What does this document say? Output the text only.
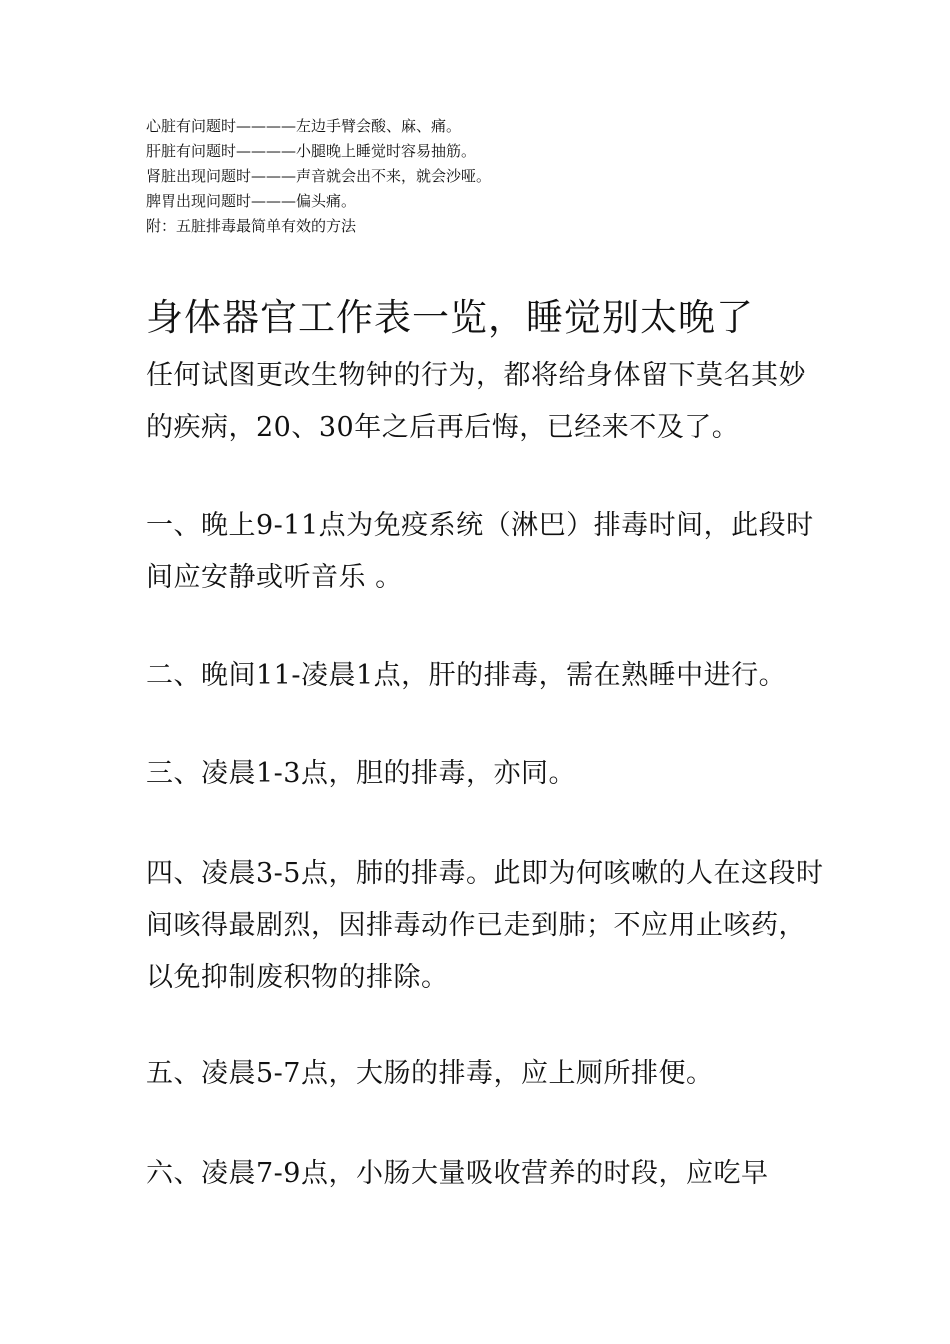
心脏有问题时————左边手臂会酸、麻、痛。
肝脏有问题时————小腿晚上睡觉时容易抽筋。
肾脏出现问题时———声音就会出不来，就会沙哑。
脾胃出现问题时———偏头痛。
附：五脏排毒最简单有效的方法
身体器官工作表一览，睡觉别太晚了

任何试图更改生物钟的行为，都将给身体留下莫名其妙的疾病，20、30年之后再后悔，已经来不及了。

一、晚上9-11点为免疫系统（淋巴）排毒时间，此段时间应安静或听音乐 。

二、晚间11-凌晨1点，肝的排毒，需在熟睡中进行。

三、凌晨1-3点，胆的排毒，亦同。

四、凌晨3-5点，肺的排毒。此即为何咳嗽的人在这段时间咳得最剧烈，因排毒动作已走到肺；不应用止咳药，以免抑制废积物的排除。

五、凌晨5-7点，大肠的排毒，应上厕所排便。

六、凌晨7-9点，小肠大量吸收营养的时段，应吃早
